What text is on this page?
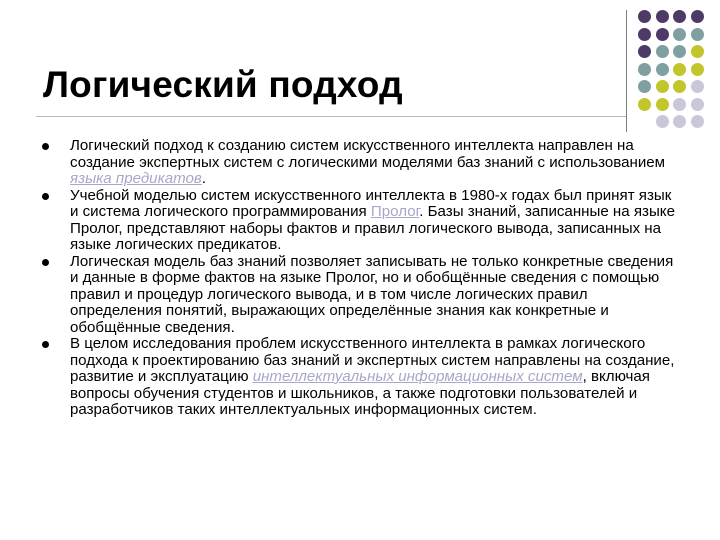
Логический подход
Логический подход к созданию систем искусственного интеллекта направлен на создание экспертных систем с логическими моделями баз знаний с использованием языка предикатов.
Учебной моделью систем искусственного интеллекта в 1980-х годах был принят язык и система логического программирования Пролог. Базы знаний, записанные на языке Пролог, представляют наборы фактов и правил логического вывода, записанных на языке логических предикатов.
Логическая модель баз знаний позволяет записывать не только конкретные сведения и данные в форме фактов на языке Пролог, но и обобщённые сведения с помощью правил и процедур логического вывода, и в том числе логических правил определения понятий, выражающих определённые знания как конкретные и обобщённые сведения.
В целом исследования проблем искусственного интеллекта в рамках логического подхода к проектированию баз знаний и экспертных систем направлены на создание, развитие и эксплуатацию интеллектуальных информационных систем, включая вопросы обучения студентов и школьников, а также подготовки пользователей и разработчиков таких интеллектуальных информационных систем.
